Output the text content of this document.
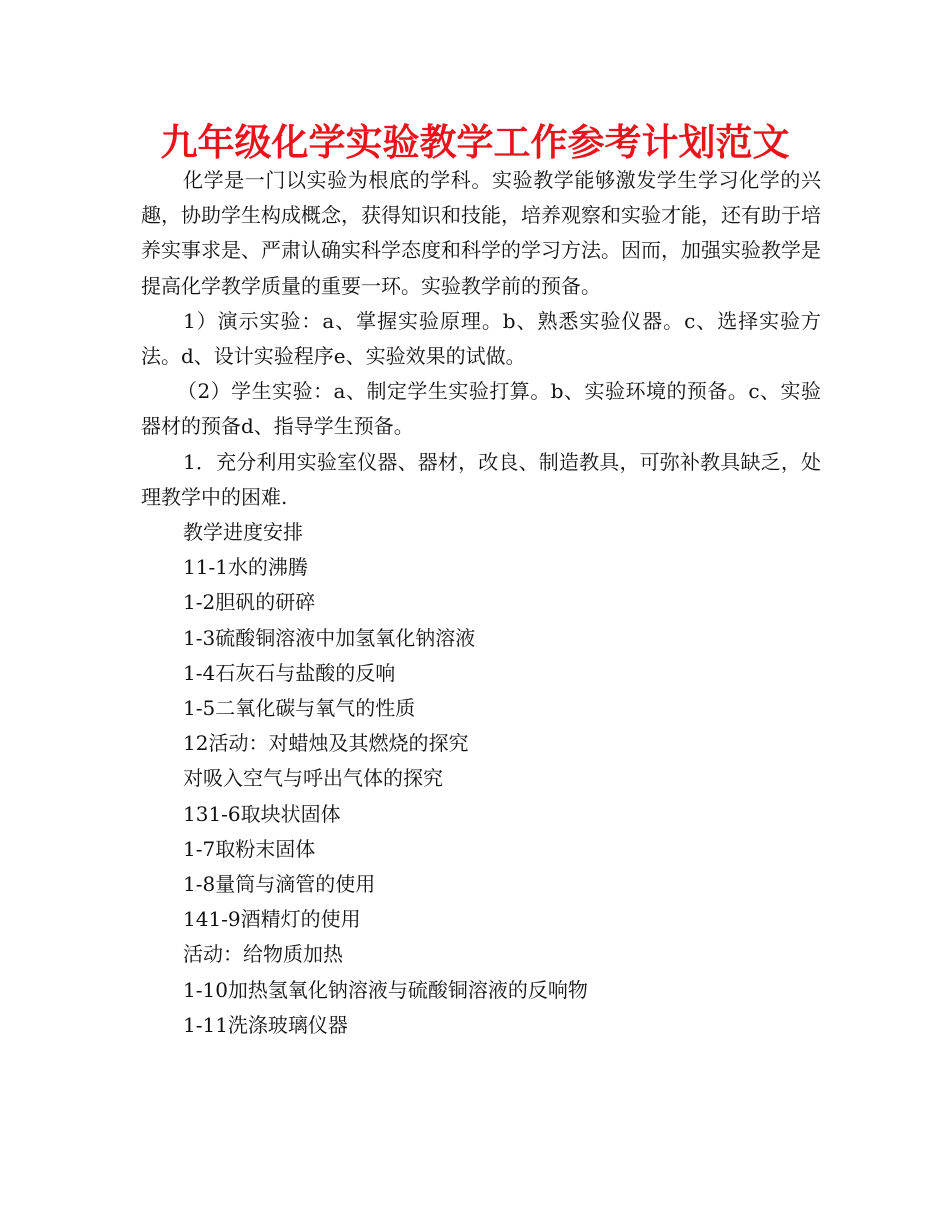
九年级化学实验教学工作参考计划范文

化学是一门以实验为根底的学科。实验教学能够激发学生学习化学的兴趣，协助学生构成概念，获得知识和技能，培养观察和实验才能，还有助于培养实事求是、严肃认确实科学态度和科学的学习方法。因而，加强实验教学是提高化学教学质量的重要一环。实验教学前的预备。

1）演示实验：a、掌握实验原理。b、熟悉实验仪器。c、选择实验方法。d、设计实验程序e、实验效果的试做。

（2）学生实验：a、制定学生实验打算。b、实验环境的预备。c、实验器材的预备d、指导学生预备。

1．充分利用实验室仪器、器材，改良、制造教具，可弥补教具缺乏，处理教学中的困难.

教学进度安排

11-1水的沸腾

1-2胆矾的研碎

1-3硫酸铜溶液中加氢氧化钠溶液

1-4石灰石与盐酸的反响

1-5二氧化碳与氧气的性质

12活动：对蜡烛及其燃烧的探究

对吸入空气与呼出气体的探究

131-6取块状固体

1-7取粉末固体

1-8量筒与滴管的使用

141-9酒精灯的使用

活动：给物质加热

1-10加热氢氧化钠溶液与硫酸铜溶液的反响物

1-11洗涤玻璃仪器
